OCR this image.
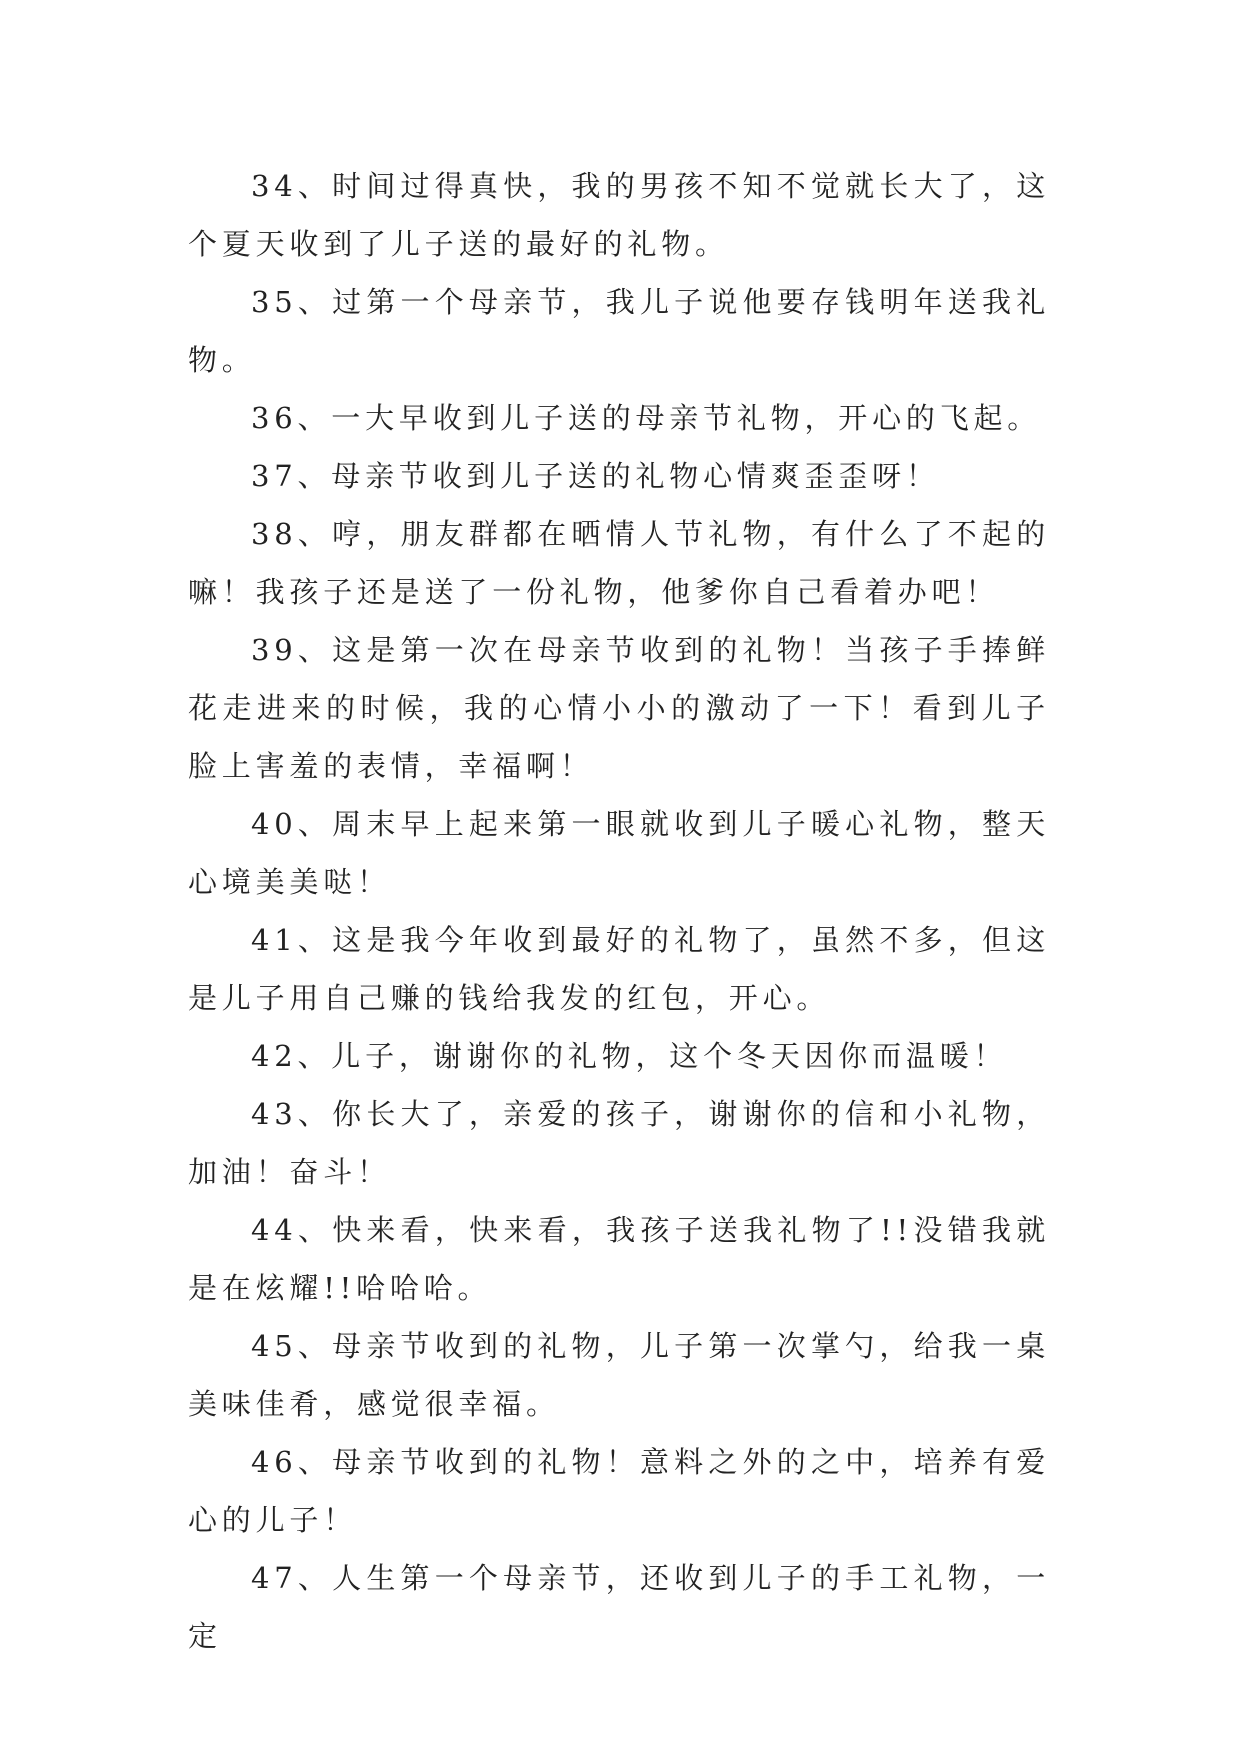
34、时间过得真快，我的男孩不知不觉就长大了，这个夏天收到了儿子送的最好的礼物。

35、过第一个母亲节，我儿子说他要存钱明年送我礼物。

36、一大早收到儿子送的母亲节礼物，开心的飞起。

37、母亲节收到儿子送的礼物心情爽歪歪呀！

38、哼，朋友群都在晒情人节礼物，有什么了不起的嘛！我孩子还是送了一份礼物，他爹你自己看着办吧！

39、这是第一次在母亲节收到的礼物！当孩子手捧鲜花走进来的时候，我的心情小小的激动了一下！看到儿子脸上害羞的表情，幸福啊！

40、周末早上起来第一眼就收到儿子暖心礼物，整天心境美美哒！

41、这是我今年收到最好的礼物了，虽然不多，但这是儿子用自己赚的钱给我发的红包，开心。

42、儿子，谢谢你的礼物，这个冬天因你而温暖！

43、你长大了，亲爱的孩子，谢谢你的信和小礼物，加油！奋斗！

44、快来看，快来看，我孩子送我礼物了!!没错我就是在炫耀!!哈哈哈。

45、母亲节收到的礼物，儿子第一次掌勺，给我一桌美味佳肴，感觉很幸福。

46、母亲节收到的礼物！意料之外的之中，培养有爱心的儿子！

47、人生第一个母亲节，还收到儿子的手工礼物，一定
